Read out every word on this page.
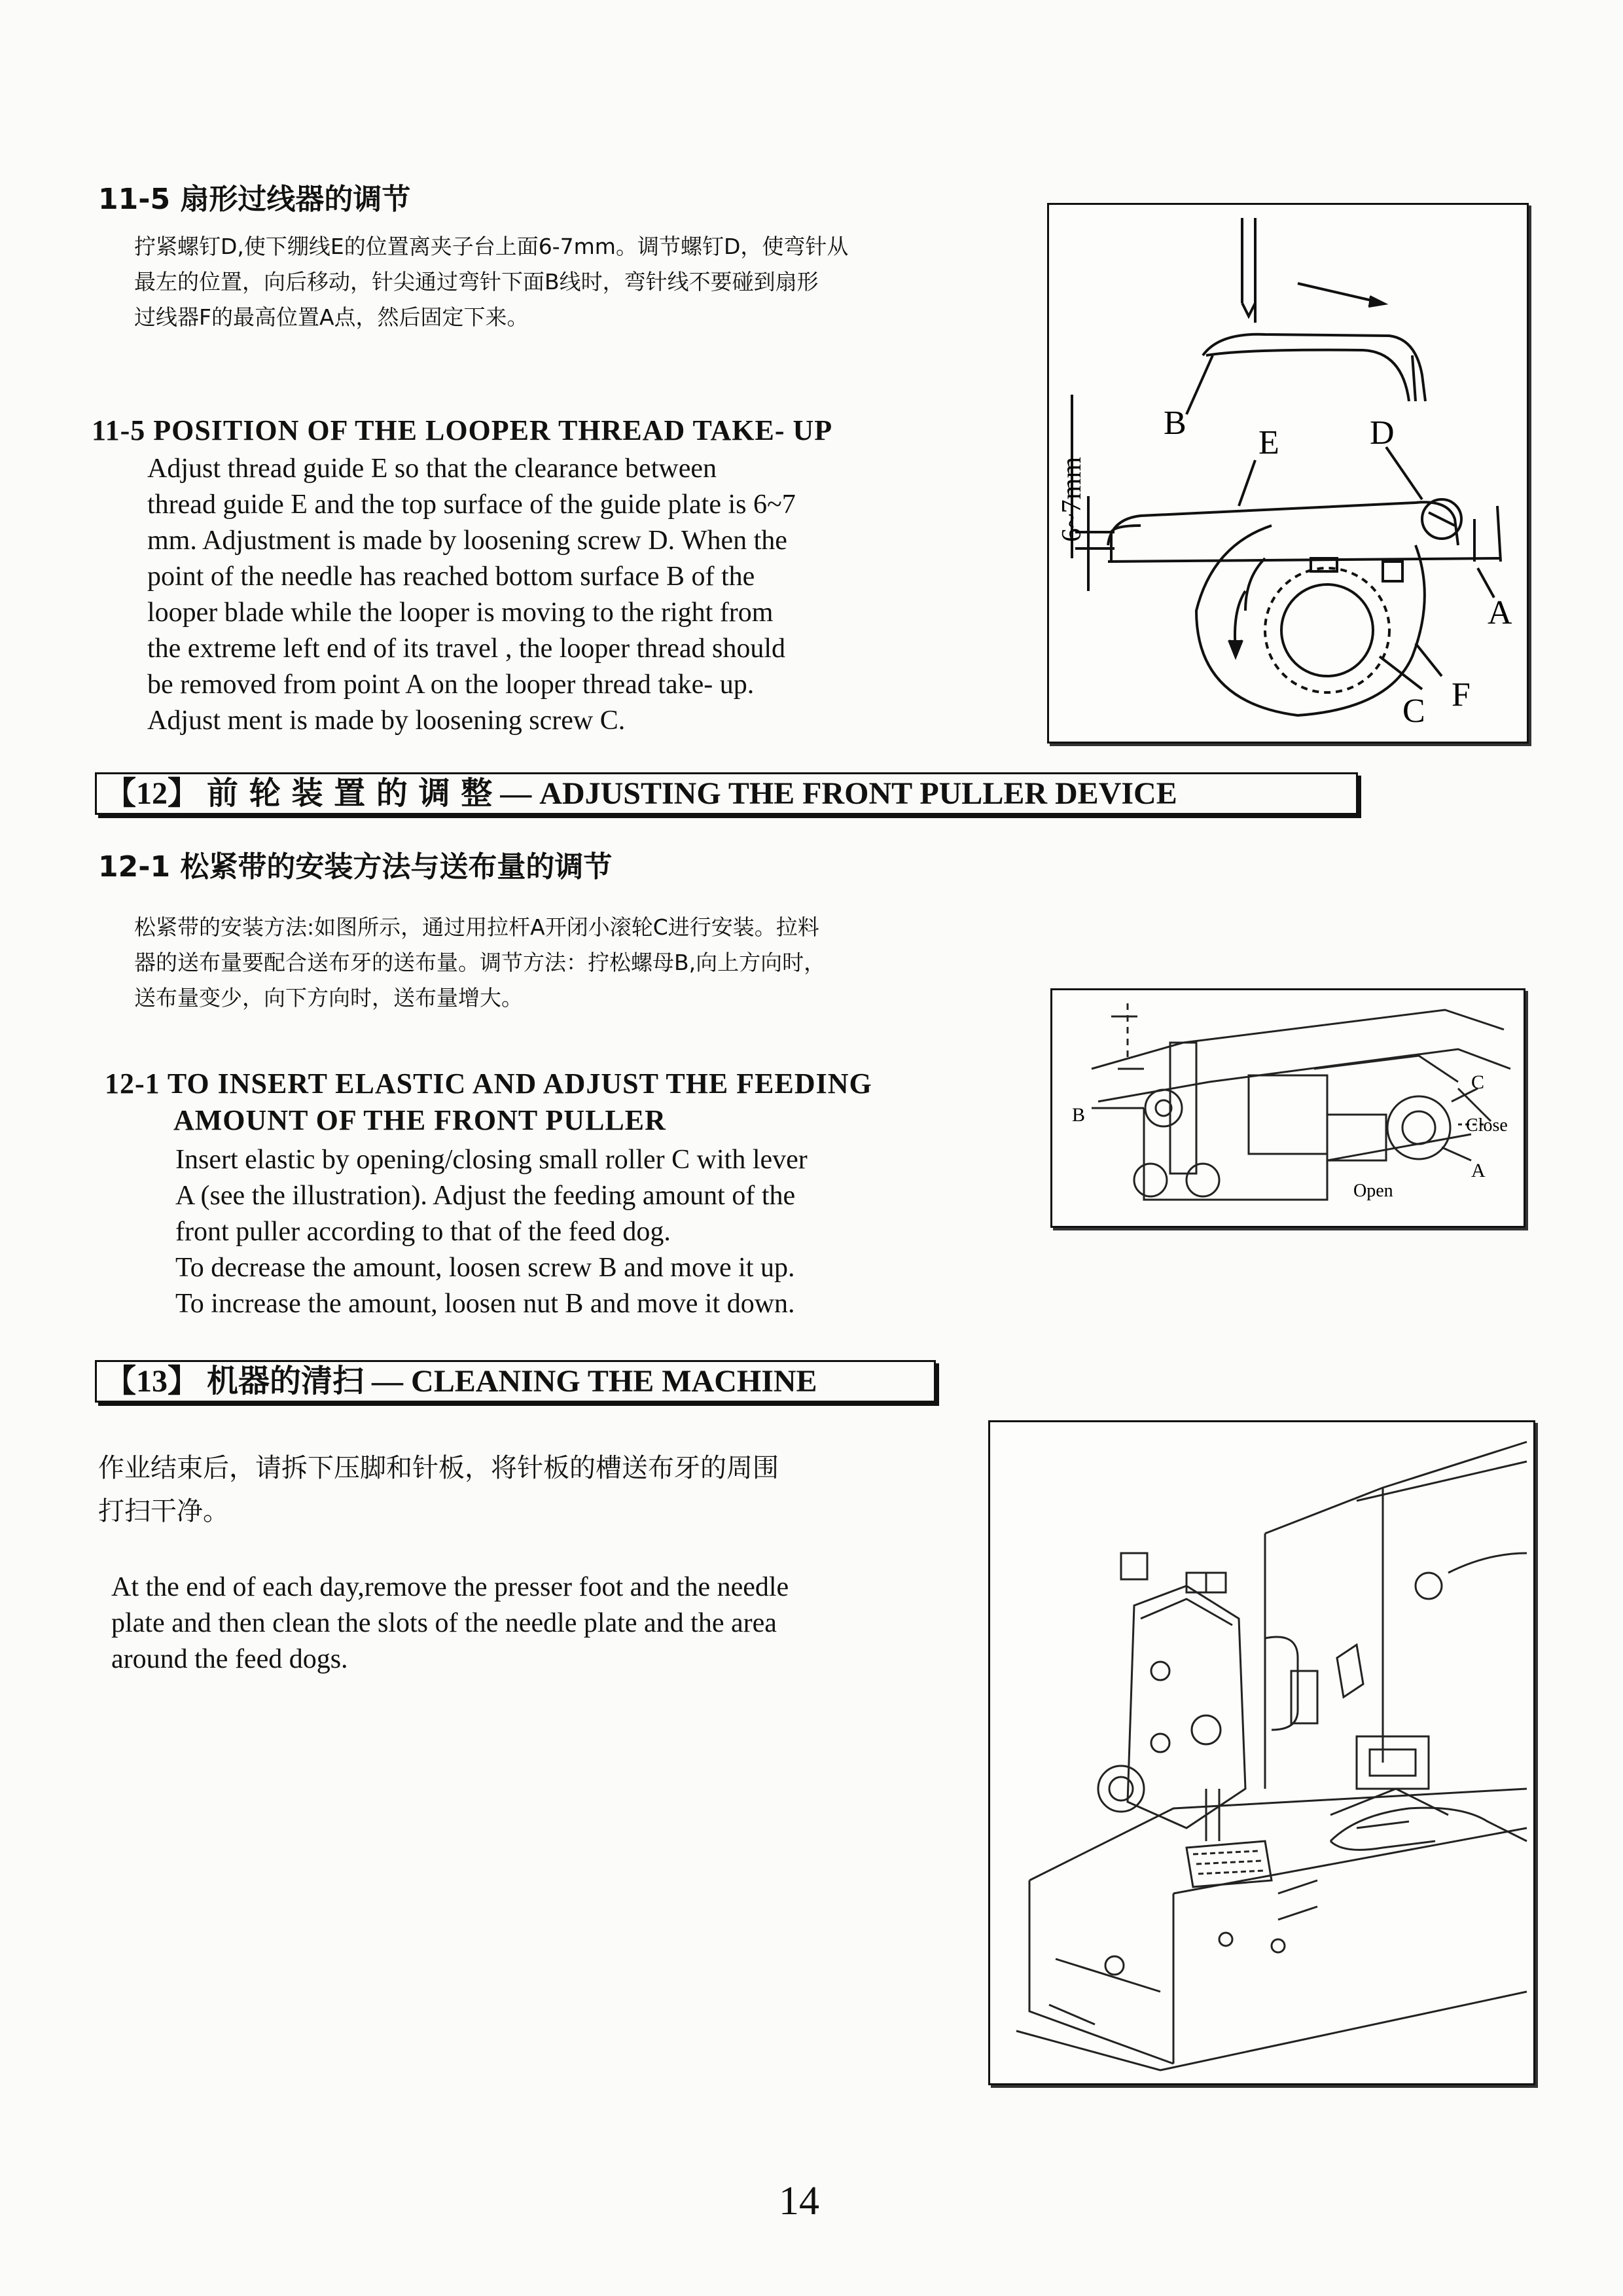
11-5 扇形过线器的调节

拧紧螺钉D,使下绷线E的位置离夹子台上面6-7mm。调节螺钉D，使弯针从

最左的位置，向后移动，针尖通过弯针下面B线时，弯针线不要碰到扇形

过线器F的最高位置A点，然后固定下来。

11-5 POSITION OF THE LOOPER THREAD TAKE- UP

Adjust thread guide E so that the clearance between

thread guide E and the top surface of the guide plate is 6~7

mm. Adjustment is made by loosening screw D. When the

point of the needle has reached bottom surface B of the

looper blade while the looper is moving to the right from

the extreme left end of its travel , the looper thread should

be removed from point A on the looper thread take- up.

Adjust ment is made by loosening screw C.

B
E	D
A
F
C
6~7mm
【12】 前 轮 装 置 的 调 整 — ADJUSTING THE FRONT PULLER DEVICE
12-1 松紧带的安装方法与送布量的调节

松紧带的安装方法:如图所示，通过用拉杆A开闭小滚轮C进行安装。拉料

器的送布量要配合送布牙的送布量。调节方法：拧松螺母B,向上方向时，

送布量变少，向下方向时，送布量增大。

12-1 TO INSERT ELASTIC AND ADJUST THE FEEDING
AMOUNT OF THE FRONT PULLER

Insert elastic by opening/closing small roller C with lever

A (see the illustration). Adjust the feeding amount of the

front puller according to that of the feed dog.

To decrease the amount, loosen screw B and move it up.

To increase the amount, loosen nut B and move it down.

C
Close
B
A
Open
【13】 机器的清扫 — CLEANING THE MACHINE

作业结束后，请拆下压脚和针板，将针板的槽送布牙的周围

打扫干净。

At the end of each day,remove the presser foot and the needle

plate and then clean the slots of the needle plate and the area

around the feed dogs.

14
